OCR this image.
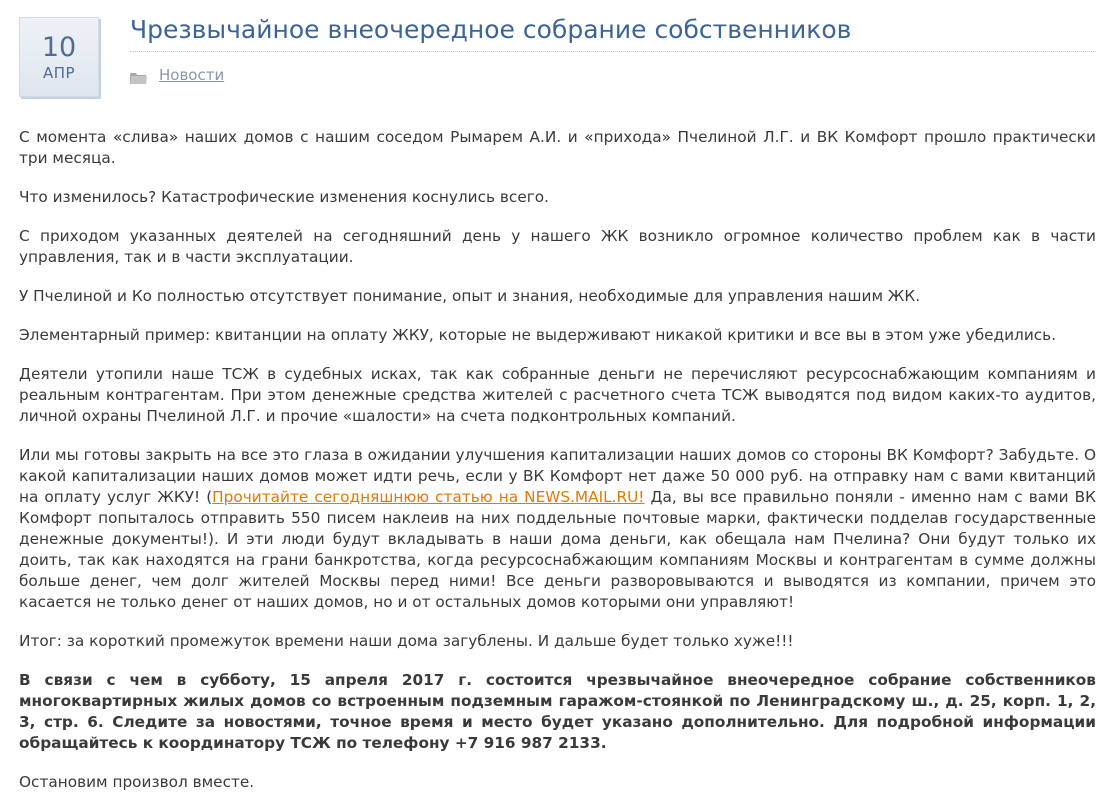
10
АПР
Чрезвычайное внеочередное собрание собственников
Новости

С момента «слива» наших домов с нашим соседом Рымарем А.И. и «прихода» Пчелиной Л.Г. и ВК Комфорт прошло практически три месяца.

Что изменилось? Катастрофические изменения коснулись всего.

С приходом указанных деятелей на сегодняшний день у нашего ЖК возникло огромное количество проблем как в части управления, так и в части эксплуатации.

У Пчелиной и Ко полностью отсутствует понимание, опыт и знания, необходимые для управления нашим ЖК.

Элементарный пример: квитанции на оплату ЖКУ, которые не выдерживают никакой критики и все вы в этом уже убедились.

Деятели утопили наше ТСЖ в судебных исках, так как собранные деньги не перечисляют ресурсоснабжающим компаниям и реальным контрагентам. При этом денежные средства жителей с расчетного счета ТСЖ выводятся под видом каких-то аудитов, личной охраны Пчелиной Л.Г. и прочие «шалости» на счета подконтрольных компаний.

Или мы готовы закрыть на все это глаза в ожидании улучшения капитализации наших домов со стороны ВК Комфорт? Забудьте. О какой капитализации наших домов может идти речь, если у ВК Комфорт нет даже 50 000 руб. на отправку нам с вами квитанций на оплату услуг ЖКУ! (Прочитайте сегодняшнюю статью на NEWS.MAIL.RU! Да, вы все правильно поняли - именно нам с вами ВК Комфорт попыталось отправить 550 писем наклеив на них поддельные почтовые марки, фактически подделав государственные денежные документы!). И эти люди будут вкладывать в наши дома деньги, как обещала нам Пчелина? Они будут только их доить, так как находятся на грани банкротства, когда ресурсоснабжающим компаниям Москвы и контрагентам в сумме должны больше денег, чем долг жителей Москвы перед ними! Все деньги разворовываются и выводятся из компании, причем это касается не только денег от наших домов, но и от остальных домов которыми они управляют!

Итог: за короткий промежуток времени наши дома загублены. И дальше будет только хуже!!!

В связи с чем в субботу, 15 апреля 2017 г. состоится чрезвычайное внеочередное собрание собственников многоквартирных жилых домов со встроенным подземным гаражом-стоянкой по Ленинградскому ш., д. 25, корп. 1, 2, 3, стр. 6. Следите за новостями, точное время и место будет указано дополнительно. Для подробной информации обращайтесь к координатору ТСЖ по телефону +7 916 987 2133.

Остановим произвол вместе.
